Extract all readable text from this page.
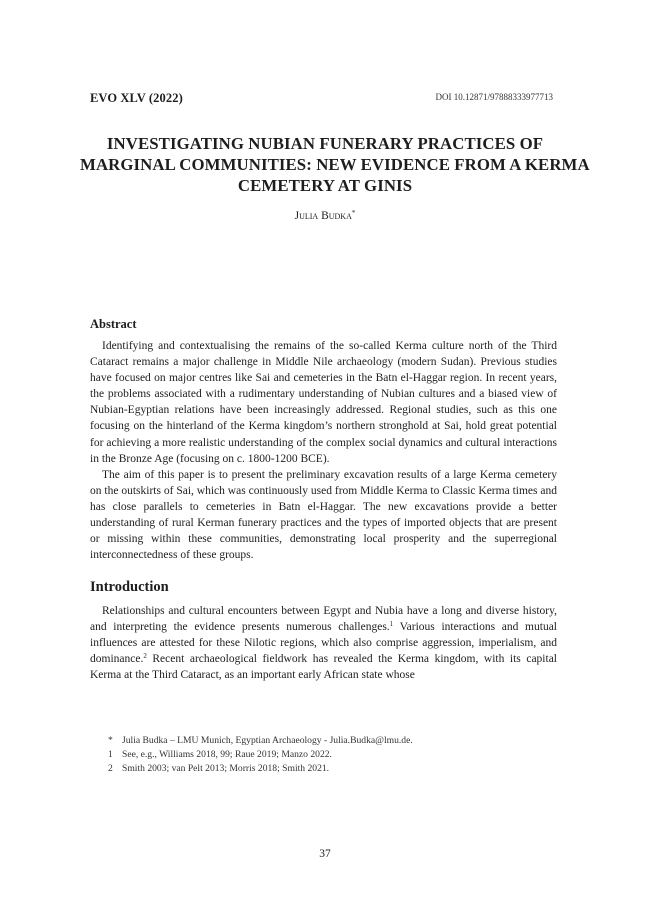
EVO XLV (2022)	DOI 10.12871/97888333977713
INVESTIGATING NUBIAN FUNERARY PRACTICES OF
MARGINAL COMMUNITIES: NEW EVIDENCE FROM A KERMA
CEMETERY AT GINIS
Julia Budka*
Abstract

Identifying and contextualising the remains of the so-called Kerma culture north of the Third Cataract remains a major challenge in Middle Nile archaeology (modern Sudan). Previous studies have focused on major centres like Sai and cemeteries in the Batn el-Haggar region. In recent years, the problems associated with a rudimentary understanding of Nubian cultures and a biased view of Nubian-Egyptian relations have been increasingly addressed. Regional studies, such as this one focusing on the hinterland of the Kerma kingdom’s northern stronghold at Sai, hold great potential for achieving a more realistic understanding of the complex social dynamics and cultural interactions in the Bronze Age (focusing on c. 1800-1200 BCE).

The aim of this paper is to present the preliminary excavation results of a large Kerma cemetery on the outskirts of Sai, which was continuously used from Middle Kerma to Classic Kerma times and has close parallels to cemeteries in Batn el-Haggar. The new excavations provide a better understanding of rural Kerman funerary practices and the types of imported objects that are present or missing within these communities, demonstrating local prosperity and the superregional interconnectedness of these groups.

Introduction

Relationships and cultural encounters between Egypt and Nubia have a long and diverse history, and interpreting the evidence presents numerous challenges.$^1$ Various interactions and mutual influences are attested for these Nilotic regions, which also comprise aggression, imperialism, and dominance.$^2$ Recent archaeological fieldwork has revealed the Kerma kingdom, with its capital Kerma at the Third Cataract, as an important early African state whose

* Julia Budka – LMU Munich, Egyptian Archaeology - Julia.Budka@lmu.de.
1 See, e.g., Williams 2018, 99; Raue 2019; Manzo 2022.
2 Smith 2003; van Pelt 2013; Morris 2018; Smith 2021.
37
